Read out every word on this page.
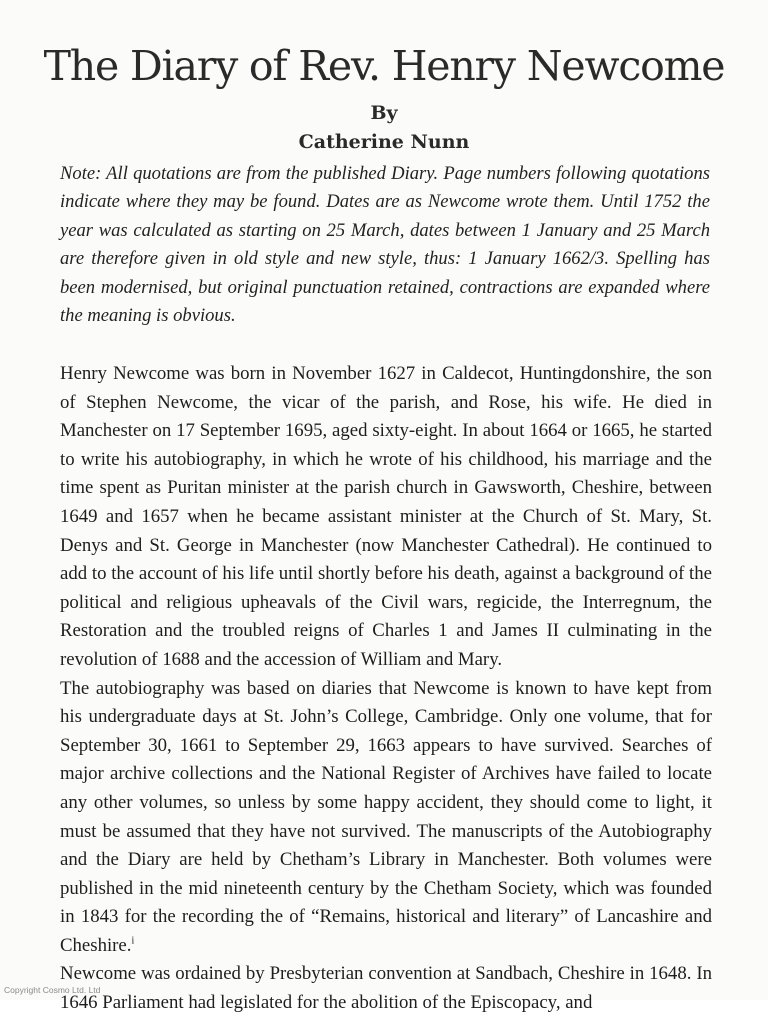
The Diary of Rev. Henry Newcome
By
Catherine Nunn
Note: All quotations are from the published Diary. Page numbers following quotations indicate where they may be found. Dates are as Newcome wrote them. Until 1752 the year was calculated as starting on 25 March, dates between 1 January and 25 March are therefore given in old style and new style, thus: 1 January 1662/3. Spelling has been modernised, but original punctuation retained, contractions are expanded where the meaning is obvious.

Henry Newcome was born in November 1627 in Caldecot, Huntingdonshire, the son of Stephen Newcome, the vicar of the parish, and Rose, his wife. He died in Manchester on 17 September 1695, aged sixty-eight. In about 1664 or 1665, he started to write his autobiography, in which he wrote of his childhood, his marriage and the time spent as Puritan minister at the parish church in Gawsworth, Cheshire, between 1649 and 1657 when he became assistant minister at the Church of St. Mary, St. Denys and St. George in Manchester (now Manchester Cathedral). He continued to add to the account of his life until shortly before his death, against a background of the political and religious upheavals of the Civil wars, regicide, the Interregnum, the Restoration and the troubled reigns of Charles 1 and James II culminating in the revolution of 1688 and the accession of William and Mary.

The autobiography was based on diaries that Newcome is known to have kept from his undergraduate days at St. John’s College, Cambridge. Only one volume, that for September 30, 1661 to September 29, 1663 appears to have survived. Searches of major archive collections and the National Register of Archives have failed to locate any other volumes, so unless by some happy accident, they should come to light, it must be assumed that they have not survived. The manuscripts of the Autobiography and the Diary are held by Chetham’s Library in Manchester. Both volumes were published in the mid nineteenth century by the Chetham Society, which was founded in 1843 for the recording the of “Remains, historical and literary” of Lancashire and Cheshire.$^i$

Newcome was ordained by Presbyterian convention at Sandbach, Cheshire in 1648. In 1646 Parliament had legislated for the abolition of the Episcopacy, and

Copyright Cosmo Ltd. Ltd
